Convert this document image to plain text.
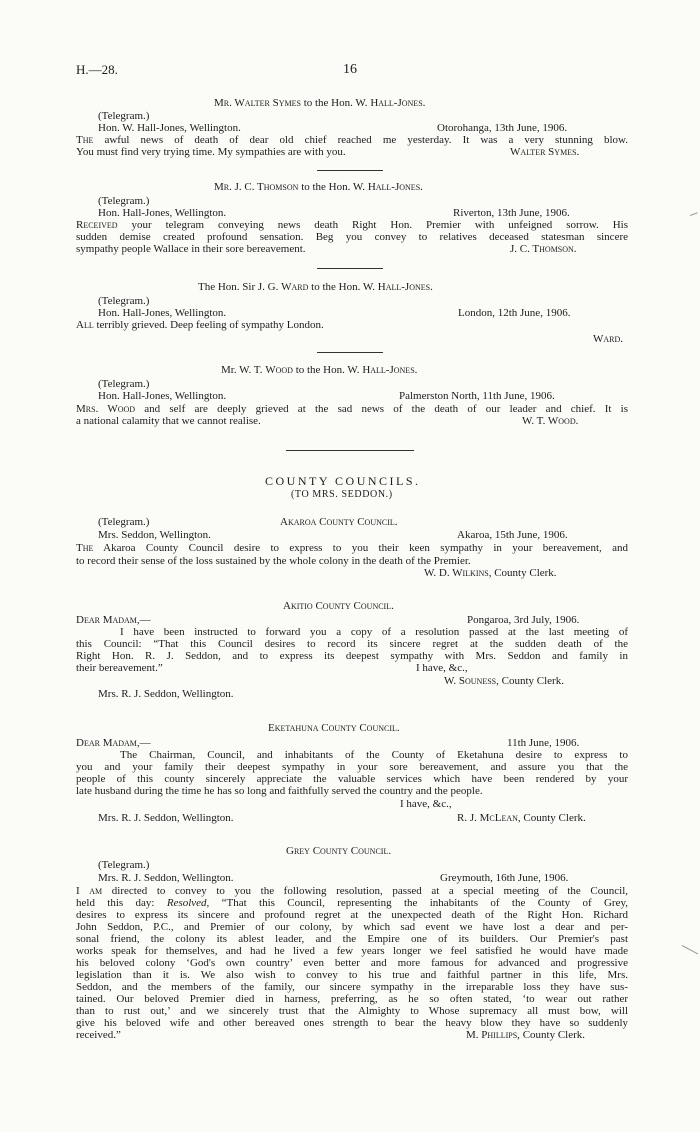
H.—28.	16
Mr. Walter Symes to the Hon. W. Hall-Jones.
(Telegram.)
Hon. W. Hall-Jones, Wellington.	Otorohanga, 13th June, 1906.
The awful news of death of dear old chief reached me yesterday. It was a very stunning blow.
You must find very trying time. My sympathies are with you.	Walter Symes.
Mr. J. C. Thomson to the Hon. W. Hall-Jones.
(Telegram.)
Hon. Hall-Jones, Wellington.	Riverton, 13th June, 1906.
Received your telegram conveying news death Right Hon. Premier with unfeigned sorrow. His
sudden demise created profound sensation. Beg you convey to relatives deceased statesman sincere
sympathy people Wallace in their sore bereavement.	J. C. Thomson.
The Hon. Sir J. G. Ward to the Hon. W. Hall-Jones.
(Telegram.)
Hon. Hall-Jones, Wellington.	London, 12th June, 1906.
All terribly grieved. Deep feeling of sympathy London.
Ward.
Mr. W. T. Wood to the Hon. W. Hall-Jones.
(Telegram.)
Hon. Hall-Jones, Wellington.	Palmerston North, 11th June, 1906.
Mrs. Wood and self are deeply grieved at the sad news of the death of our leader and chief. It is
a national calamity that we cannot realise.	W. T. Wood.
COUNTY COUNCILS.
(TO MRS. SEDDON.)
(Telegram.)	Akaroa County Council.
Mrs. Seddon, Wellington.	Akaroa, 15th June, 1906.
The Akaroa County Council desire to express to you their keen sympathy in your bereavement, and
to record their sense of the loss sustained by the whole colony in the death of the Premier.
W. D. Wilkins, County Clerk.
Akitio County Council.
Dear Madam,—	Pongaroa, 3rd July, 1906.
I have been instructed to forward you a copy of a resolution passed at the last meeting of
this Council: “That this Council desires to record its sincere regret at the sudden death of the
Right Hon. R. J. Seddon, and to express its deepest sympathy with Mrs. Seddon and family in
their bereavement.”	I have, &c.,
W. Souness, County Clerk.
Mrs. R. J. Seddon, Wellington.
Eketahuna County Council.
Dear Madam,—	11th June, 1906.
The Chairman, Council, and inhabitants of the County of Eketahuna desire to express to
you and your family their deepest sympathy in your sore bereavement, and assure you that the
people of this county sincerely appreciate the valuable services which have been rendered by your
late husband during the time he has so long and faithfully served the country and the people.
I have, &c.,
Mrs. R. J. Seddon, Wellington.	R. J. McLean, County Clerk.
Grey County Council.
(Telegram.)
Mrs. R. J. Seddon, Wellington.	Greymouth, 16th June, 1906.
I am directed to convey to you the following resolution, passed at a special meeting of the Council,
held this day: Resolved, “That this Council, representing the inhabitants of the County of Grey,
desires to express its sincere and profound regret at the unexpected death of the Right Hon. Richard
John Seddon, P.C., and Premier of our colony, by which sad event we have lost a dear and per-
sonal friend, the colony its ablest leader, and the Empire one of its builders. Our Premier's past
works speak for themselves, and had he lived a few years longer we feel satisfied he would have made
his beloved colony ‘God's own country’ even better and more famous for advanced and progressive
legislation than it is. We also wish to convey to his true and faithful partner in this life, Mrs.
Seddon, and the members of the family, our sincere sympathy in the irreparable loss they have sus-
tained. Our beloved Premier died in harness, preferring, as he so often stated, ‘to wear out rather
than to rust out,’ and we sincerely trust that the Almighty to Whose supremacy all must bow, will
give his beloved wife and other bereaved ones strength to bear the heavy blow they have so suddenly
received.”	M. Phillips, County Clerk.
